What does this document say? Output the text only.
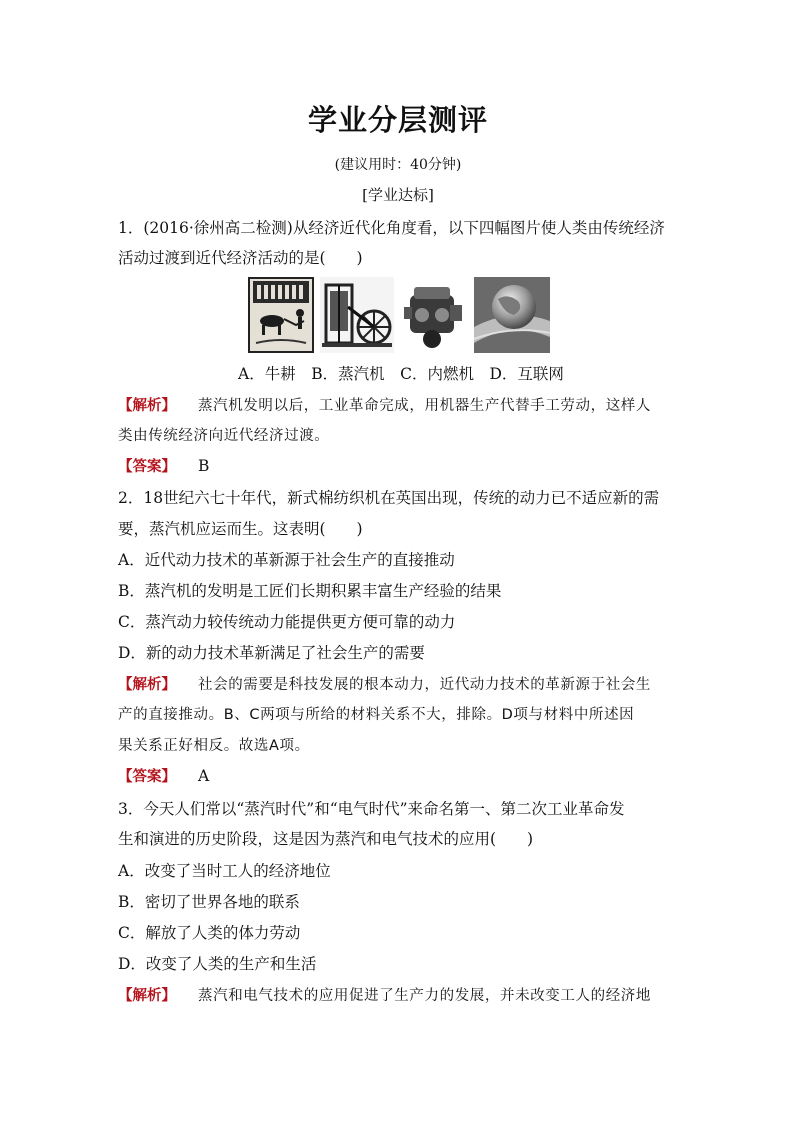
学业分层测评
(建议用时：40分钟)
[学业达标]
1．(2016·徐州高二检测)从经济近代化角度看，以下四幅图片使人类由传统经济
活动过渡到近代经济活动的是(　　)
A．牛耕　B．蒸汽机　C．内燃机　D．互联网
【解析】 蒸汽机发明以后，工业革命完成，用机器生产代替手工劳动，这样人
类由传统经济向近代经济过渡。
【答案】 B
2．18世纪六七十年代，新式棉纺织机在英国出现，传统的动力已不适应新的需
要，蒸汽机应运而生。这表明(　　)
A．近代动力技术的革新源于社会生产的直接推动
B．蒸汽机的发明是工匠们长期积累丰富生产经验的结果
C．蒸汽动力较传统动力能提供更方便可靠的动力
D．新的动力技术革新满足了社会生产的需要
【解析】 社会的需要是科技发展的根本动力，近代动力技术的革新源于社会生
产的直接推动。B、C两项与所给的材料关系不大，排除。D项与材料中所述因
果关系正好相反。故选A项。
【答案】 A
3．今天人们常以“蒸汽时代”和“电气时代”来命名第一、第二次工业革命发
生和演进的历史阶段，这是因为蒸汽和电气技术的应用(　　)
A．改变了当时工人的经济地位
B．密切了世界各地的联系
C．解放了人类的体力劳动
D．改变了人类的生产和生活
【解析】 蒸汽和电气技术的应用促进了生产力的发展，并未改变工人的经济地
